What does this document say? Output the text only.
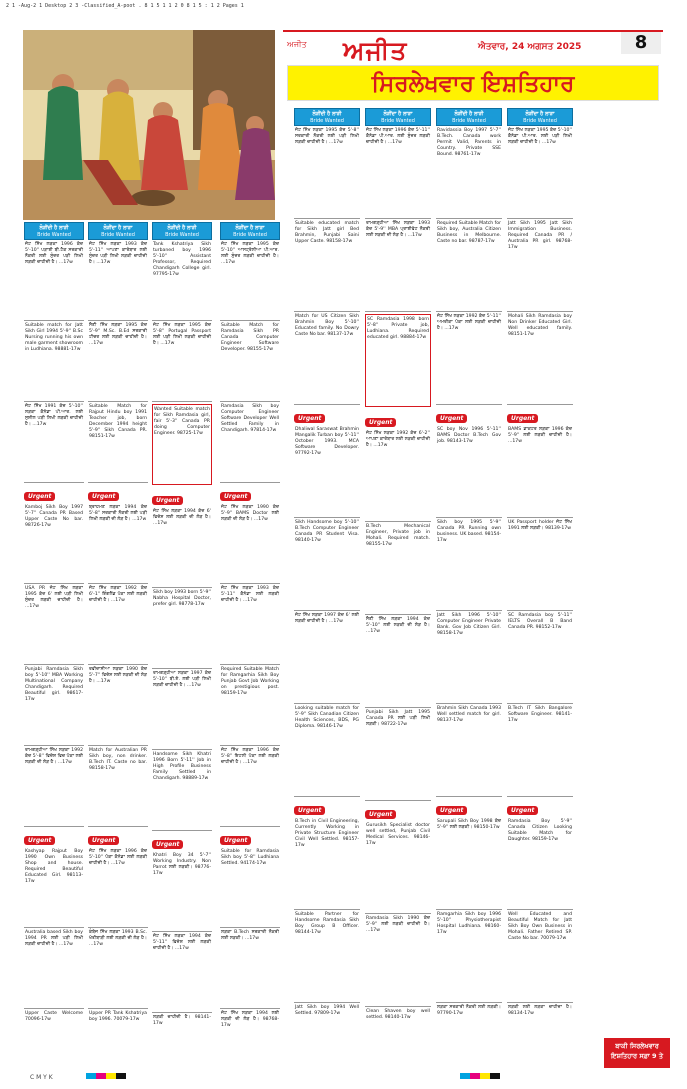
2 1 -Aug-2 1 Desktop 2 3 -Classified_A-poot . 8 1 5 1 1 2 0 8 1 5 : 1 2 Pages 1
ਅਜੀਤ ਅਜੀਤ	ਐਤਵਾਰ, 24 ਅਗਸਤ 2025	8
ਸਿਰਲੇਖਵਾਰ ਇਸ਼ਤਿਹਾਰ
ਲੋੜੀਂਦੀ ਹੈ ਲਾੜੀ
Bride Wanted
ਜੱਟ ਸਿੱਖ ਲੜਕਾ 1996 ਕੱਦ 5'-10'' ਪੜਾਈ ਬੀ.ਟੈਕ ਸਰਕਾਰੀ ਨੌਕਰੀ ਲਈ ਸੁੰਦਰ ਪੜੀ ਲਿਖੀ ਲੜਕੀ ਚਾਹੀਦੀ ਹੈ। ...17w
Suitable match for Jatt Sikh Girl 1994 5'-9'' B.Sc Nursing running his own male garment showroom in Ludhiana. 98881-17w
ਜੱਟ ਸਿੱਖ 1991 ਕੱਦ 5'-10'' ਲੜਕਾ ਕੈਨੇਡਾ ਪੀ.ਆਰ. ਲਈ ਸੁਸ਼ੀਲ ਪੜੀ ਲਿਖੀ ਲੜਕੀ ਚਾਹੀਦੀ ਹੈ। ...17w
Urgent
Kamboj Sikh Boy 1997 5'-7'' Canada PR Based Upper Caste No bar. 98726-17w
USA PR ਜੱਟ ਸਿੱਖ ਲੜਕਾ 1995 ਕੱਦ 6' ਲਈ ਪੜੀ ਲਿਖੀ ਸੁੰਦਰ ਲੜਕੀ ਚਾਹੀਦੀ ਹੈ। ...17w
Punjabi Ramdasia Sikh boy 5'-10'' MBA Working Multinational Company Chandigarh. Required Beautiful girl. 98617-17w
ਰਾਮਗੜ੍ਹੀਆ ਸਿੱਖ ਲੜਕਾ 1992 ਕੱਦ 5'-8'' ਵਿਦੇਸ਼ ਵਿਚ ਪੱਕਾ ਲਈ ਲੜਕੀ ਦੀ ਲੋੜ ਹੈ। ...17w
Urgent
Kashyap Rajput Boy 1990 Own Business Shop and house. Required Beautiful Educated Girl. 98113-17w
Australia based Sikh boy 1994 PR ਲਈ ਪੜੀ ਲਿਖੀ ਲੜਕੀ ਚਾਹੀਦੀ ਹੈ। ...17w
Upper Caste Welcome 70096-17w
ਲੋੜੀਂਦਾ ਹੈ ਲਾੜਾ
Bride Wanted
ਜੱਟ ਸਿੱਖ ਲੜਕਾ 1993 ਕੱਦ 5'-11'' ਆਪਣਾ ਕਾਰੋਬਾਰ ਲਈ ਸੁੰਦਰ ਪੜੀ ਲਿਖੀ ਲੜਕੀ ਚਾਹੀਦੀ ਹੈ। ...17w
ਸੈਣੀ ਸਿੱਖ ਲੜਕਾ 1995 ਕੱਦ 5'-9'' M.Sc. B.Ed ਸਰਕਾਰੀ ਟੀਚਰ ਲਈ ਲੜਕੀ ਚਾਹੀਦੀ ਹੈ। ...17w
Suitable Match for Rajput Hindu boy 1991 Teacher job, born December 1994 height 5'-9'' Sikh Canada PR. 98151-17w
Urgent
ਬ੍ਰਾਹਮਣ ਲੜਕਾ 1994 ਕੱਦ 5'-8'' ਸਰਕਾਰੀ ਨੌਕਰੀ ਲਈ ਪੜੀ ਲਿਖੀ ਲੜਕੀ ਦੀ ਲੋੜ ਹੈ। ...17w
ਜੱਟ ਸਿੱਖ ਲੜਕਾ 1992 ਕੱਦ 6'-1'' ਇੰਗਲੈਂਡ ਪੱਕਾ ਲਈ ਲੜਕੀ ਚਾਹੀਦੀ ਹੈ। ...17w
ਰਵੀਦਾਸੀਆ ਲੜਕਾ 1990 ਕੱਦ 5'-7'' ਵਿਦੇਸ਼ ਲਈ ਲੜਕੀ ਦੀ ਲੋੜ ਹੈ। ...17w
Match for Australian PR Sikh boy, non drinker. B.Tech IT. Caste no bar. 98158-17w
Urgent
ਜੱਟ ਸਿੱਖ ਲੜਕਾ 1996 ਕੱਦ 5'-10'' ਪੱਕਾ ਕੈਨੇਡਾ ਲਈ ਲੜਕੀ ਚਾਹੀਦੀ ਹੈ। ...17w
ਕੰਬੋਜ ਸਿੱਖ ਲੜਕਾ 1993 B.Sc. ਖੇਤੀਬਾੜੀ ਲਈ ਲੜਕੀ ਦੀ ਲੋੜ ਹੈ। ...17w
Upper PR Tank Kshatriya boy 1996. 70079-17w
ਲੋੜੀਂਦੀ ਹੈ ਲਾੜੀ
Bride Wanted
Tank Kshatriya Sikh turbaned boy 1996 5'-10'' Assistant Professor, Required Chandigarh College girl. 97795-17w
ਜੱਟ ਸਿੱਖ ਲੜਕਾ 1995 ਕੱਦ 5'-8'' Portugal Passport ਲਈ ਪੜੀ ਲਿਖੀ ਲੜਕੀ ਚਾਹੀਦੀ ਹੈ। ...17w
Wanted Suitable match for Sikh Ramdasia girl, fair 5'-3'' Canada PR doing Computer Engineer. 98725-17w
Urgent
ਜੱਟ ਸਿੱਖ ਲੜਕਾ 1994 ਕੱਦ 6' ਵਿਦੇਸ਼ ਲਈ ਲੜਕੀ ਦੀ ਲੋੜ ਹੈ। ...17w
Sikh boy 1993 born 5'-9'' Nabha Hospital Doctor, prefer girl. 98778-17w
ਰਾਮਗੜ੍ਹੀਆ ਲੜਕਾ 1997 ਕੱਦ 5'-10'' ਬੀ.ਏ. ਲਈ ਪੜੀ ਲਿਖੀ ਲੜਕੀ ਚਾਹੀਦੀ ਹੈ। ...17w
Handsome Sikh Khatri 1996 Born 5'-11'' Job in High Profile Business Family Settled in Chandigarh. 98889-17w
Urgent
Khatri Boy 34 5'-7'' Working Industry. Non Parrot ਲਈ ਲੜਕੀ। 98776-17w
ਜੱਟ ਸਿੱਖ ਲੜਕਾ 1994 ਕੱਦ 5'-11'' ਵਿਦੇਸ਼ ਲਈ ਲੜਕੀ ਚਾਹੀਦੀ ਹੈ। ...17w
ਲੜਕੀ ਚਾਹੀਦੀ ਹੈ। 98141-17w
ਲੋੜੀਂਦਾ ਹੈ ਲਾੜਾ
Bride Wanted
ਜੱਟ ਸਿੱਖ ਲੜਕਾ 1995 ਕੱਦ 5'-10'' ਆਸਟ੍ਰੇਲੀਆ ਪੀ.ਆਰ. ਲਈ ਸੁੰਦਰ ਲੜਕੀ ਚਾਹੀਦੀ ਹੈ। ...17w
Suitable Match for Ramdasia Sikh PR Canada Computer Engineer Software Developer. 98155-17w
Ramdasia Sikh boy Computer Engineer Software Developer Well Settled Family in Chandigarh. 97814-17w
Urgent
ਜੱਟ ਸਿੱਖ ਲੜਕਾ 1990 ਕੱਦ 5'-9'' BAMS Doctor ਲਈ ਲੜਕੀ ਦੀ ਲੋੜ ਹੈ। ...17w
ਜੱਟ ਸਿੱਖ ਲੜਕਾ 1993 ਕੱਦ 5'-11'' ਕੈਨੇਡਾ ਲਈ ਲੜਕੀ ਚਾਹੀਦੀ ਹੈ। ...17w
Required Suitable Match for Ramgarhia Sikh Boy Punjab Govt Job Working on prestigious post. 98159-17w
ਜੱਟ ਸਿੱਖ ਲੜਕਾ 1996 ਕੱਦ 5'-8'' ਇਟਲੀ ਪੱਕਾ ਲਈ ਲੜਕੀ ਚਾਹੀਦੀ ਹੈ। ...17w
Urgent
Suitable for Ramdasia Sikh boy 5'-8'' Ludhiana Settled. 94174-17w
ਲੜਕਾ B.Tech ਸਰਕਾਰੀ ਨੌਕਰੀ ਲਈ ਲੜਕੀ। ...17w
ਜੱਟ ਸਿੱਖ ਲੜਕਾ 1994 ਲਈ ਲੜਕੀ ਦੀ ਲੋੜ ਹੈ। 98768-17w
ਲੋੜੀਂਦੀ ਹੈ ਲਾੜੀ
Bride Wanted
ਜੱਟ ਸਿੱਖ ਲੜਕਾ 1995 ਕੱਦ 5'-8'' ਸਰਕਾਰੀ ਨੌਕਰੀ ਲਈ ਪੜੀ ਲਿਖੀ ਲੜਕੀ ਚਾਹੀਦੀ ਹੈ। ...17w
Suitable educated match for Sikh Jatt girl Bed Brahmin, Punjabi Saini Upper Caste. 98158-17w
Match for US Citizen Sikh Brahmin Boy 5'-10'' Educated family. No Dowry Caste No bar. 98137-17w
Urgent
Dhaliwal Saraswat Brahmin Mangalik Turban boy 5'-11'' October 1993. MCA Software Developer. 97792-17w
Sikh Handsome boy 5'-10'' B.Tech Computer Engineer Canada PR Student Visa. 98140-17w
ਜੱਟ ਸਿੱਖ ਲੜਕਾ 1997 ਕੱਦ 6' ਲਈ ਲੜਕੀ ਚਾਹੀਦੀ ਹੈ। ...17w
Looking suitable match for 5'-9'' Sikh Canadian Citizen Health Sciences, BDS, PG Diploma. 98146-17w
Urgent
B.Tech in Civil Engineering, Currently Working in Private Structure Engineer Civil Well Settled. 98157-17w
Suitable Partner for Handsome Ramdasia Sikh Boy Group B Officer. 98144-17w
Jatt Sikh boy 1994 Well Settled. 97809-17w
ਲੋੜੀਂਦਾ ਹੈ ਲਾੜਾ
Bride Wanted
ਜੱਟ ਸਿੱਖ ਲੜਕਾ 1996 ਕੱਦ 5'-11'' ਕੈਨੇਡਾ ਪੀ.ਆਰ. ਲਈ ਸੁੰਦਰ ਲੜਕੀ ਚਾਹੀਦੀ ਹੈ। ...17w
ਰਾਮਗੜ੍ਹੀਆ ਸਿੱਖ ਲੜਕਾ 1993 ਕੱਦ 5'-9'' MBA ਪ੍ਰਾਈਵੇਟ ਨੌਕਰੀ ਲਈ ਲੜਕੀ ਦੀ ਲੋੜ ਹੈ। ...17w
SC Ramdasia 1998 born 5'-8'' Private job, Ludhiana. Required educated girl. 98884-17w
Urgent
ਜੱਟ ਸਿੱਖ ਲੜਕਾ 1992 ਕੱਦ 6'-2'' ਆਪਣਾ ਕਾਰੋਬਾਰ ਲਈ ਲੜਕੀ ਚਾਹੀਦੀ ਹੈ। ...17w
B.Tech Mechanical Engineer, Private job in Mohali. Required match. 98155-17w
ਸੈਣੀ ਸਿੱਖ ਲੜਕਾ 1994 ਕੱਦ 5'-10'' ਲਈ ਲੜਕੀ ਦੀ ਲੋੜ ਹੈ। ...17w
Punjabi Sikh Jatt 1995 Canada PR ਲਈ ਪੜੀ ਲਿਖੀ ਲੜਕੀ। 98722-17w
Urgent
Gurusikh Specialist doctor well settled, Punjab Civil Medical Services. 98146-17w
Ramdasia Sikh 1990 ਕੱਦ 5'-9'' ਲਈ ਲੜਕੀ ਚਾਹੀਦੀ ਹੈ। ...17w
Clean Shaven boy well settled. 98140-17w
ਲੋੜੀਂਦੀ ਹੈ ਲਾੜੀ
Bride Wanted
Ravidassia Boy 1997 5'-7'' B.Tech. Canada work Permit Valid, Parents in Country. Private SSE Bound. 98761-17w
Required Suitable Match for Sikh boy, Australia Citizen Business in Melbourne. Caste no bar. 98787-17w
ਜੱਟ ਸਿੱਖ ਲੜਕਾ 1992 ਕੱਦ 5'-11'' ਅਮਰੀਕਾ ਪੱਕਾ ਲਈ ਲੜਕੀ ਚਾਹੀਦੀ ਹੈ। ...17w
Urgent
SC boy Nov 1996 5'-11'' BAMS Doctor B.Tech Gov job. 98143-17w
Sikh boy 1995 5'-9'' Canada PR Running own business. UK based. 98154-17w
Jatt Sikh 1996 5'-10'' Computer Engineer Private Bank. Gov Job Citizen Girl. 98158-17w
Brahmin Sikh Canada 1993 Well settled match for girl. 98137-17w
Urgent
Sarupali Sikh Boy 1998 ਕੱਦ 5'-9'' ਲਈ ਲੜਕੀ। 98150-17w
Ramgarhia Sikh boy 1996 5'-10'' Physiotherapist Hospital Ludhiana. 98160-17w
ਲੜਕਾ ਸਰਕਾਰੀ ਨੌਕਰੀ ਲਈ ਲੜਕੀ। 97790-17w
ਲੋੜੀਂਦਾ ਹੈ ਲਾੜਾ
Bride Wanted
ਜੱਟ ਸਿੱਖ ਲੜਕਾ 1995 ਕੱਦ 5'-10'' ਕੈਨੇਡਾ ਪੀ.ਆਰ. ਲਈ ਪੜੀ ਲਿਖੀ ਲੜਕੀ ਚਾਹੀਦੀ ਹੈ। ...17w
Jatt Sikh 1995 Jatt Sikh Immigration Business. Required Canada PR / Australia PR girl. 98768-17w
Mohali Sikh Ramdasia boy Non Drinker Educated Girl. Well educated family. 98151-17w
Urgent
BAMS ਡਾਕਟਰ ਲੜਕਾ 1996 ਕੱਦ 5'-9'' ਲਈ ਲੜਕੀ ਚਾਹੀਦੀ ਹੈ। ...17w
UK Passport holder ਜੱਟ ਸਿੱਖ 1991 ਲਈ ਲੜਕੀ। 98139-17w
SC Ramdasia boy 5'-11'' IELTS Overall B Band Canada PR. 98152-17w
B.Tech IT Sikh Bangalore Software Engineer. 98141-17w
Urgent
Ramdasia Boy 5'-9'' Canada Citizen Looking Suitable Match for Daughter. 98159-17w
Well Educated and Beautiful Match for Jatt Sikh Boy Own Business in Mohali. Father Retired SP. Caste No bar. 70079-17w
ਲੜਕੀ ਲਈ ਲੜਕਾ ਚਾਹੀਦਾ ਹੈ। 98134-17w
ਬਾਕੀ ਸਿਰਲੇਖਵਾਰ
ਇਸ਼ਤਿਹਾਰ ਸਫ਼ਾ 9 ਤੇ
C M Y K
